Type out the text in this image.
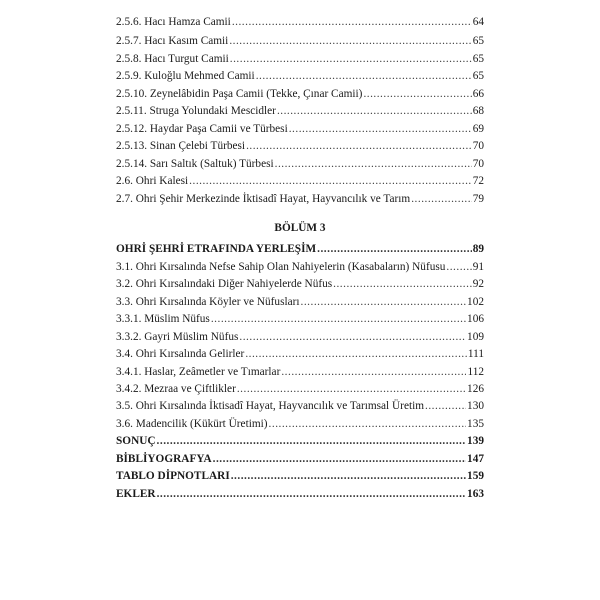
2.5.6. Hacı Hamza Camii .....	64
2.5.7. Hacı Kasım Camii .....	65
2.5.8. Hacı Turgut Camii .....	65
2.5.9. Kuloğlu Mehmed Camii .....	65
2.5.10. Zeynelâbidin Paşa Camii (Tekke, Çınar Camii) .....	66
2.5.11. Struga Yolundaki Mescidler .....	68
2.5.12. Haydar Paşa Camii ve Türbesi .....	69
2.5.13. Sinan Çelebi Türbesi .....	70
2.5.14. Sarı Saltık (Saltuk) Türbesi .....	70
2.6. Ohri Kalesi .....	72
2.7. Ohri Şehir Merkezinde İktisadî Hayat, Hayvancılık ve Tarım .....	79
BÖLÜM 3
OHRİ ŞEHRİ ETRAFINDA YERLEŞİM .....	89
3.1. Ohri Kırsalında Nefse Sahip Olan Nahiyelerin (Kasabaların) Nüfusu ..... 91
3.2. Ohri Kırsalındaki Diğer Nahiyelerde Nüfus .....	92
3.3. Ohri Kırsalında Köyler ve Nüfusları .....	102
3.3.1. Müslim Nüfus .....	106
3.3.2. Gayri Müslim Nüfus .....	109
3.4. Ohri Kırsalında Gelirler .....	111
3.4.1. Haslar, Zeâmetler ve Tımarlar .....	112
3.4.2. Mezraa ve Çiftlikler .....	126
3.5. Ohri Kırsalında İktisadî Hayat, Hayvancılık ve Tarımsal Üretim .....	130
3.6. Madencilik (Kükürt Üretimi) .....	135
SONUÇ .....	139
BİBLİYOGRAFYA .....	147
TABLO DİPNOTLARI .....	159
EKLER .....	163
